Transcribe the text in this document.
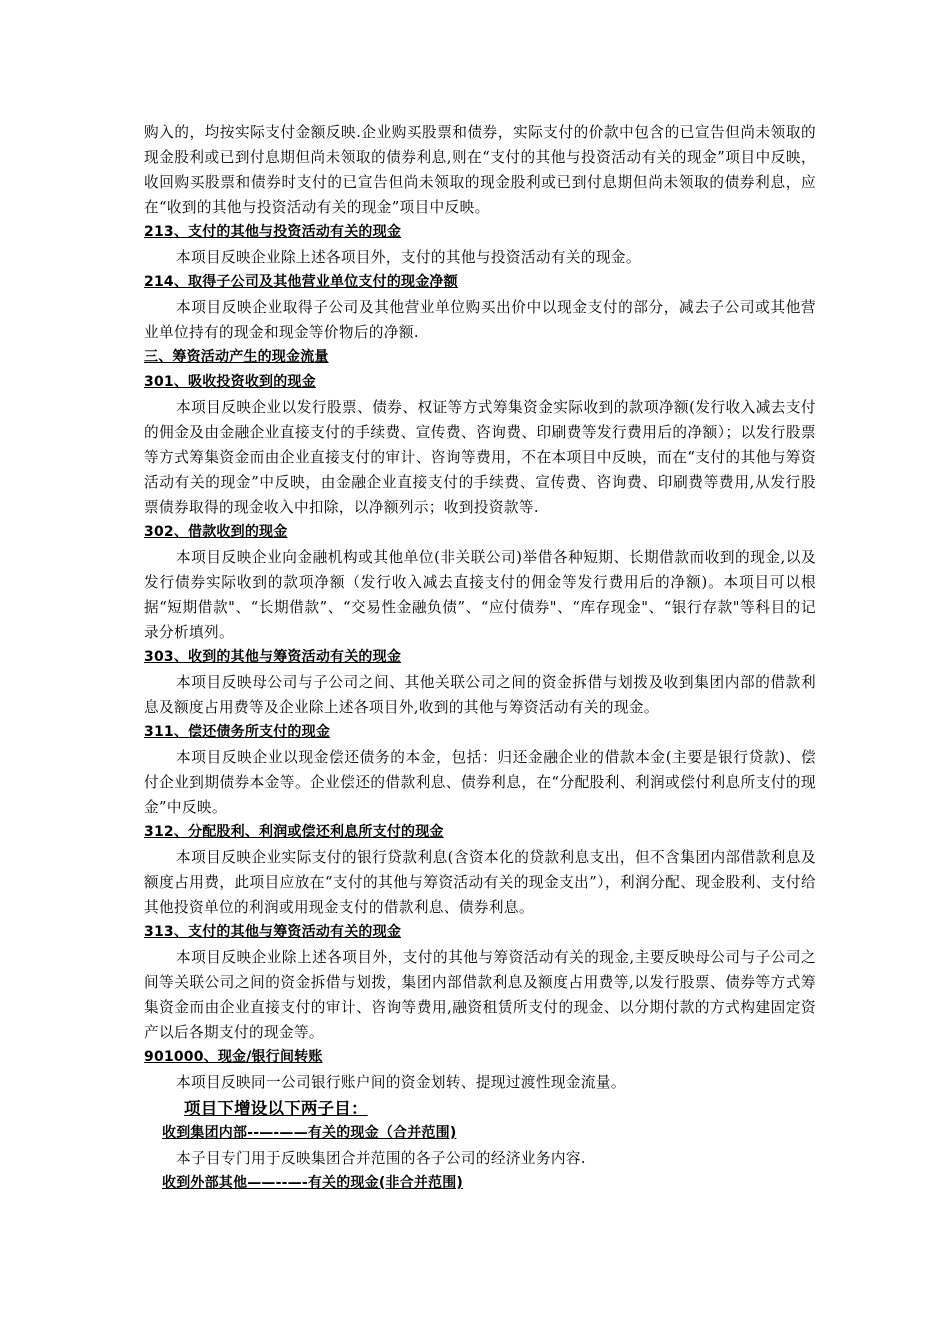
购入的，均按实际支付金额反映.企业购买股票和债券，实际支付的价款中包含的已宣告但尚未领取的现金股利或已到付息期但尚未领取的债券利息,则在“支付的其他与投资活动有关的现金”项目中反映，收回购买股票和债券时支付的已宣告但尚未领取的现金股利或已到付息期但尚未领取的债券利息，应在“收到的其他与投资活动有关的现金”项目中反映。

213、支付的其他与投资活动有关的现金

本项目反映企业除上述各项目外，支付的其他与投资活动有关的现金。

214、取得子公司及其他营业单位支付的现金净额

本项目反映企业取得子公司及其他营业单位购买出价中以现金支付的部分，减去子公司或其他营业单位持有的现金和现金等价物后的净额.

三、筹资活动产生的现金流量

301、吸收投资收到的现金

本项目反映企业以发行股票、债券、权证等方式筹集资金实际收到的款项净额(发行收入减去支付的佣金及由金融企业直接支付的手续费、宣传费、咨询费、印刷费等发行费用后的净额）；以发行股票等方式筹集资金而由企业直接支付的审计、咨询等费用，不在本项目中反映，而在“支付的其他与筹资活动有关的现金”中反映，由金融企业直接支付的手续费、宣传费、咨询费、印刷费等费用,从发行股票债券取得的现金收入中扣除，以净额列示；收到投资款等.

302、借款收到的现金

本项目反映企业向金融机构或其他单位(非关联公司)举借各种短期、长期借款而收到的现金,以及发行债券实际收到的款项净额（发行收入减去直接支付的佣金等发行费用后的净额)。本项目可以根据“短期借款"、“长期借款”、“交易性金融负债”、“应付债券"、“库存现金"、“银行存款"等科目的记录分析填列。

303、收到的其他与筹资活动有关的现金

本项目反映母公司与子公司之间、其他关联公司之间的资金拆借与划拨及收到集团内部的借款利息及额度占用费等及企业除上述各项目外,收到的其他与筹资活动有关的现金。

311、偿还债务所支付的现金

本项目反映企业以现金偿还债务的本金，包括：归还金融企业的借款本金(主要是银行贷款)、偿付企业到期债券本金等。企业偿还的借款利息、债券利息，在“分配股利、利润或偿付利息所支付的现金”中反映。

312、分配股利、利润或偿还利息所支付的现金

本项目反映企业实际支付的银行贷款利息(含资本化的贷款利息支出，但不含集团内部借款利息及额度占用费，此项目应放在“支付的其他与筹资活动有关的现金支出”），利润分配、现金股利、支付给其他投资单位的利润或用现金支付的借款利息、债券利息。

313、支付的其他与筹资活动有关的现金

本项目反映企业除上述各项目外，支付的其他与筹资活动有关的现金,主要反映母公司与子公司之间等关联公司之间的资金拆借与划拨，集团内部借款利息及额度占用费等,以发行股票、债券等方式筹集资金而由企业直接支付的审计、咨询等费用,融资租赁所支付的现金、以分期付款的方式构建固定资产以后各期支付的现金等。

901000、现金/银行间转账

本项目反映同一公司银行账户间的资金划转、提现过渡性现金流量。

项目下增设以下两子目：

收到集团内部--—-——有关的现金（合并范围)

本子目专门用于反映集团合并范围的各子公司的经济业务内容.

收到外部其他——--—-有关的现金(非合并范围)
